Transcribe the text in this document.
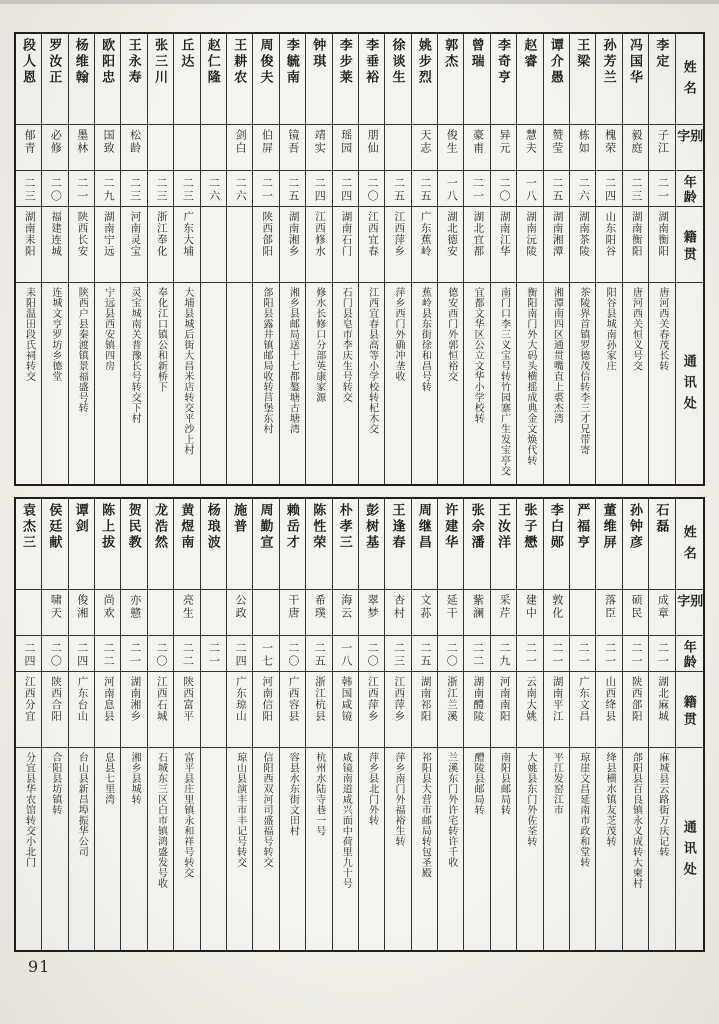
姓名
别字
年龄
籍贯
通讯处
李定
子江
二一
湖南衡阳
唐河西关春茂长转
冯国华
毅庭
二三
湖南衡阳
唐河西关恒义号交
孙芳兰
槐荣
二四
山东阳谷
阳谷县城南孙家庄
王梁
栋如
二六
湖南茶陵
茶陵界首镇罗德茂信转李三才兄带寄
谭介愚
赞莹
二五
湖南湘潭
湘潭南四区通贯嘴直上裘杰湾
赵睿
慧夫
一八
湖南沅陵
衡阳南门外大码头横摇成典金文焕代转
李奇亨
异元
二〇
湖南江华
南门口李三义宝号转竹园寨广生发宝亭交
曾瑞
豪甫
二一
湖北宜都
宜都文华区公立文华小学校转
郭杰
俊生
一八
湖北德安
德安西门外郭恒裕交
姚步烈
天志
二五
广东蕉岭
蕉岭县东街徐和昌号转
徐谈生
二五
江西萍乡
萍乡西门外确冲垄收
李垂裕
朋仙
二〇
江西宜春
江西宜春县高等小学校转杞木交
李步莱
瑶园
二四
湖南石门
石门县皂市李庆生号转交
钟琪
靖实
二四
江西修水
修水长修口分部英康家源
李毓南
镜吾
二五
湖南湘乡
湘乡县邮局送十七都鏊塘古塘湾
周俊夫
伯屏
二一
陕西郃阳
郃阳县露井镇邮局收转莒堡东村
王耕农
剑白
二六
赵仁隆
二六
丘达
二三
广东大埔
大埔县城后街大昌米店转交平沙上村
张三川
二三
浙江奉化
奉化江口镇公和新桥下
王永寿
松龄
二三
河南灵宝
灵宝城南关普豫长号转交下村
欧阳忠
国致
二九
湖南宁远
宁远县西安镇四房
杨维翰
墨林
二一
陕西长安
陕西户县秦渡镇景福盛号转
罗汝正
必修
二〇
福建连城
连城文亨罗坊乡德堂
段人恩
郁青
二三
湖南耒阳
耒阳温田段氏祠转交
姓名
别字
年龄
籍贯
通讯处
石磊
成章
二一
湖北麻城
麻城县云路街万庆记转
孙钟彦
硕民
二一
陕西郃阳
郃阳县百良镇永义成转大柬村
董维屏
落臣
二一
山西绛县
绛县横水镇友芝茂转
严福亨
二一
广东文昌
琼崖文昌延南市政和堂转
李白郧
敦化
二一
湖南平江
平江发窑江市
张子懋
建中
二一
云南大姚
大姚县东门外佐荃转
王汝洋
采芹
二九
河南南阳
南阳县邮局转
张余潘
紫澜
二二
湖南醴陵
醴陵县邮局转
许建华
延干
二〇
浙江兰溪
兰溪东门外许宅转许千收
周继昌
文荪
二五
湖南祁阳
祁阳县大营市邮局转包圣殿
王逢春
杏村
二三
江西萍乡
萍乡南门外福裕生转
彭树基
翠梦
二〇
江西萍乡
萍乡县北门外转
朴孝三
海云
一八
韩国咸镜
咸镜南道咸兴面中荷里九十号
陈性荣
希璞
二五
浙江杭县
杭州水陆寺巷一号
赖岳才
干唐
二〇
广西容县
容县水东街文田村
周勤宣
一七
河南信阳
信阳西双河司盛福号转交
施普
公政
二四
广东琼山
琼山县演丰市丰记号转交
杨琅波
二一
黄煜南
亮生
二二
陕西富平
富平县庄里镇永和祥号转交
龙浩然
二〇
江西石城
石城东三区白市镇鸿盛发号收
贺民教
亦戆
二一
湖南湘乡
湘乡县城转
陈上拔
尚欢
二二
河南息县
息县七里湾
谭剑
俊湘
二四
广东台山
台山县新昌埠振华公司
侯廷献
啸天
二〇
陕西合阳
合阳县坊镇转
袁杰三
二四
江西分宜
分宜县华农馆转交小北门
91
